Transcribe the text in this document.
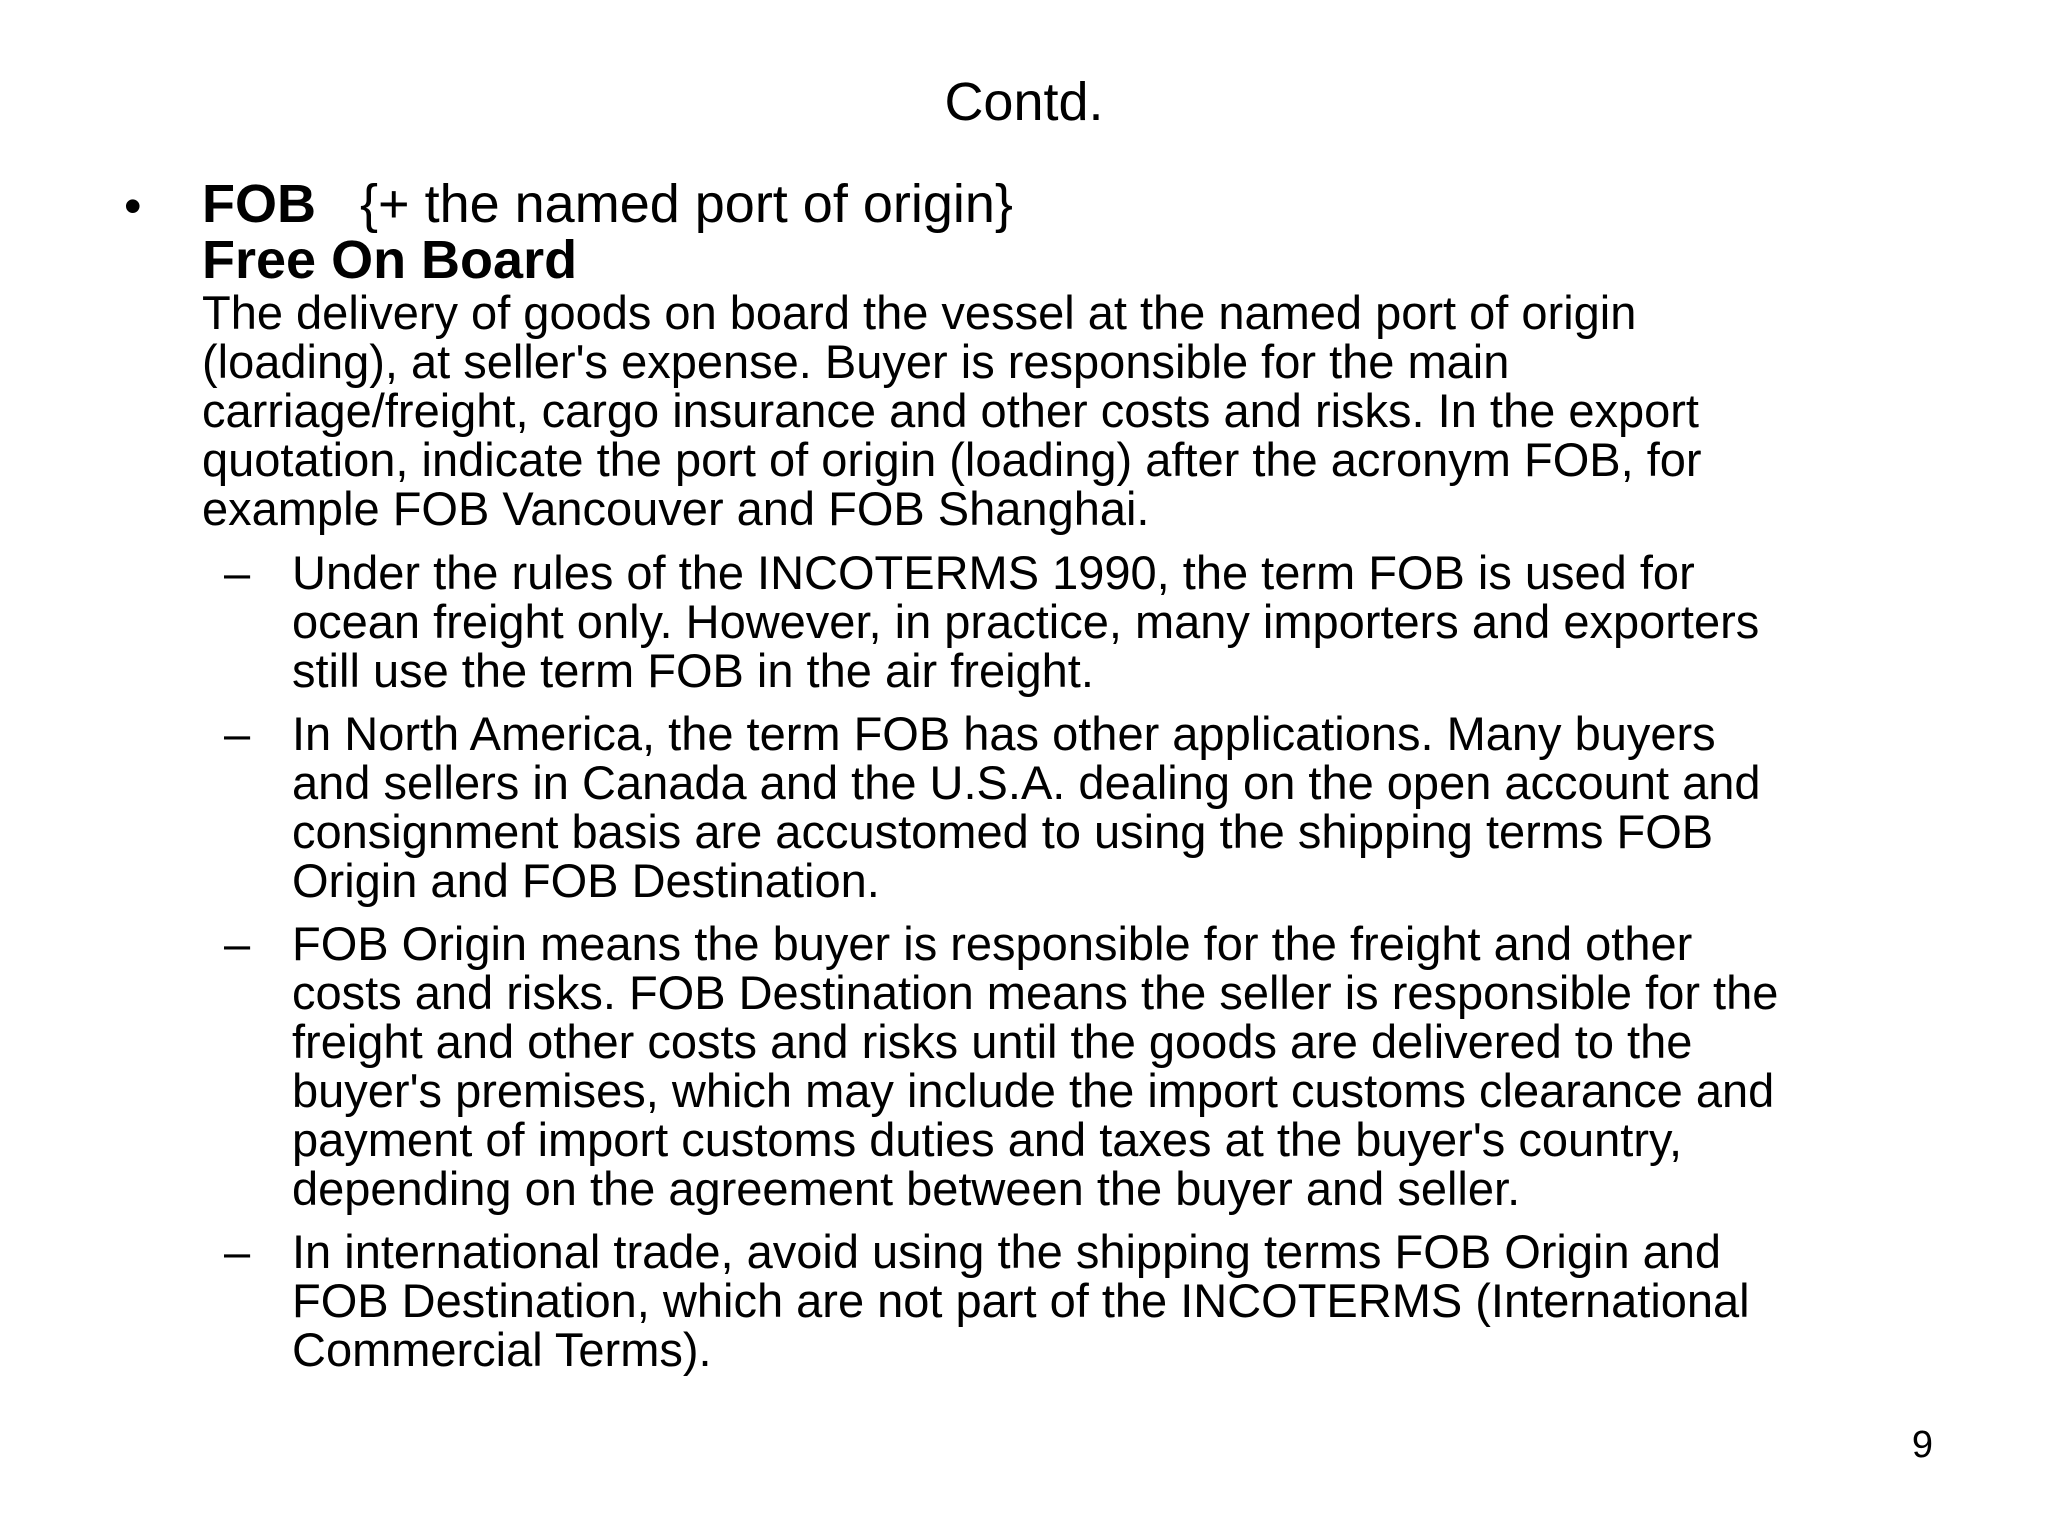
Contd.
• FOB {+ the named port of origin}
Free On Board
The delivery of goods on board the vessel at the named port of origin
(loading), at seller's expense. Buyer is responsible for the main
carriage/freight, cargo insurance and other costs and risks. In the export
quotation, indicate the port of origin (loading) after the acronym FOB, for
example FOB Vancouver and FOB Shanghai.
– Under the rules of the INCOTERMS 1990, the term FOB is used for
ocean freight only. However, in practice, many importers and exporters
still use the term FOB in the air freight.
– In North America, the term FOB has other applications. Many buyers
and sellers in Canada and the U.S.A. dealing on the open account and
consignment basis are accustomed to using the shipping terms FOB
Origin and FOB Destination.
– FOB Origin means the buyer is responsible for the freight and other
costs and risks. FOB Destination means the seller is responsible for the
freight and other costs and risks until the goods are delivered to the
buyer's premises, which may include the import customs clearance and
payment of import customs duties and taxes at the buyer's country,
depending on the agreement between the buyer and seller.
– In international trade, avoid using the shipping terms FOB Origin and
FOB Destination, which are not part of the INCOTERMS (International
Commercial Terms).
9
